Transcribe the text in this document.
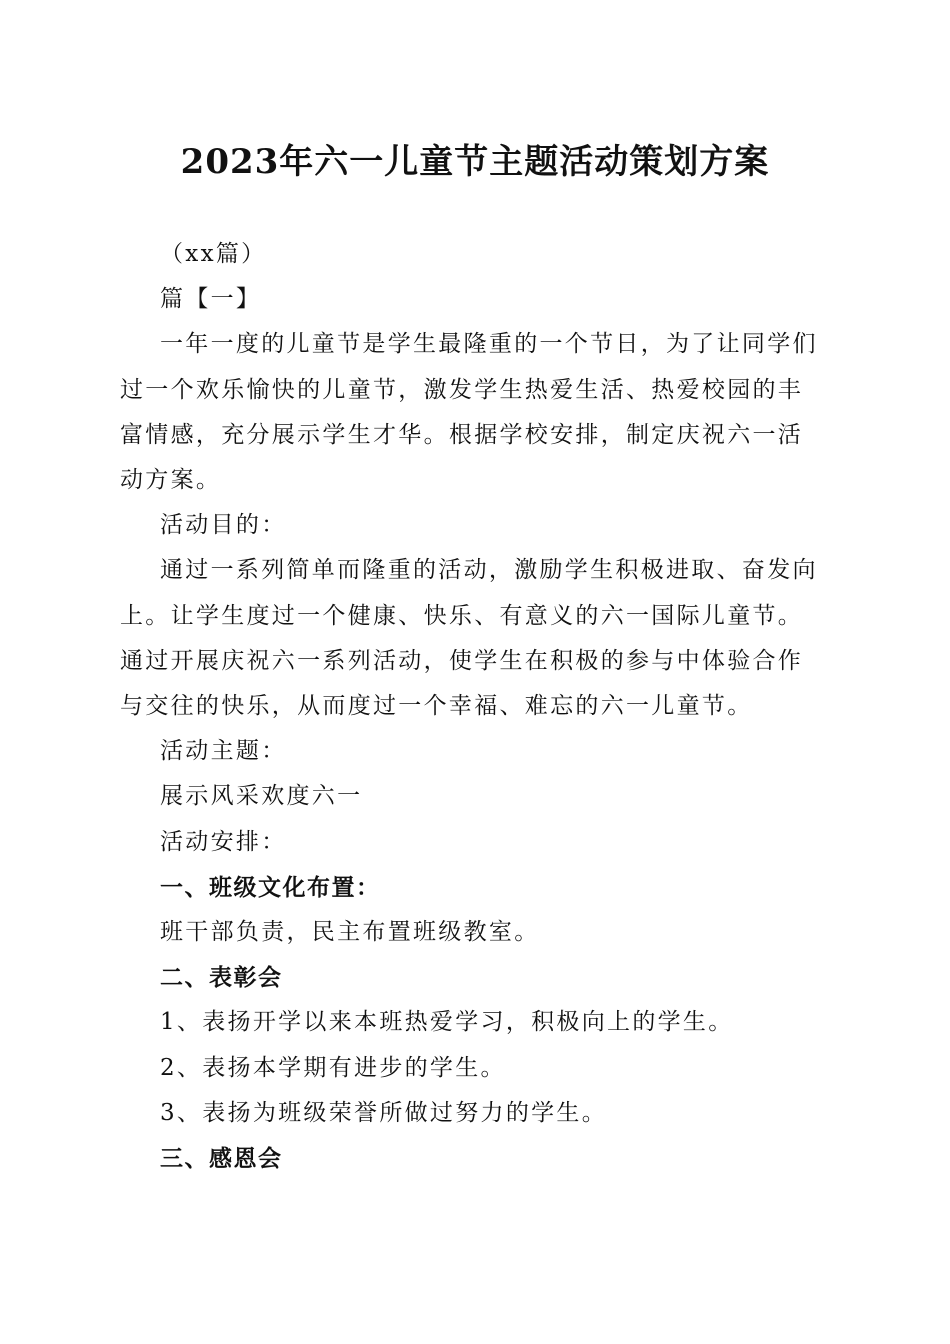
2023年六一儿童节主题活动策划方案
（xx篇）
篇【一】
一年一度的儿童节是学生最隆重的一个节日，为了让同学们
过一个欢乐愉快的儿童节，激发学生热爱生活、热爱校园的丰
富情感，充分展示学生才华。根据学校安排，制定庆祝六一活
动方案。
活动目的：
通过一系列简单而隆重的活动，激励学生积极进取、奋发向
上。让学生度过一个健康、快乐、有意义的六一国际儿童节。
通过开展庆祝六一系列活动，使学生在积极的参与中体验合作
与交往的快乐，从而度过一个幸福、难忘的六一儿童节。
活动主题：
展示风采欢度六一
活动安排：
一、班级文化布置：
班干部负责，民主布置班级教室。
二、表彰会
1、表扬开学以来本班热爱学习，积极向上的学生。
2、表扬本学期有进步的学生。
3、表扬为班级荣誉所做过努力的学生。
三、感恩会
